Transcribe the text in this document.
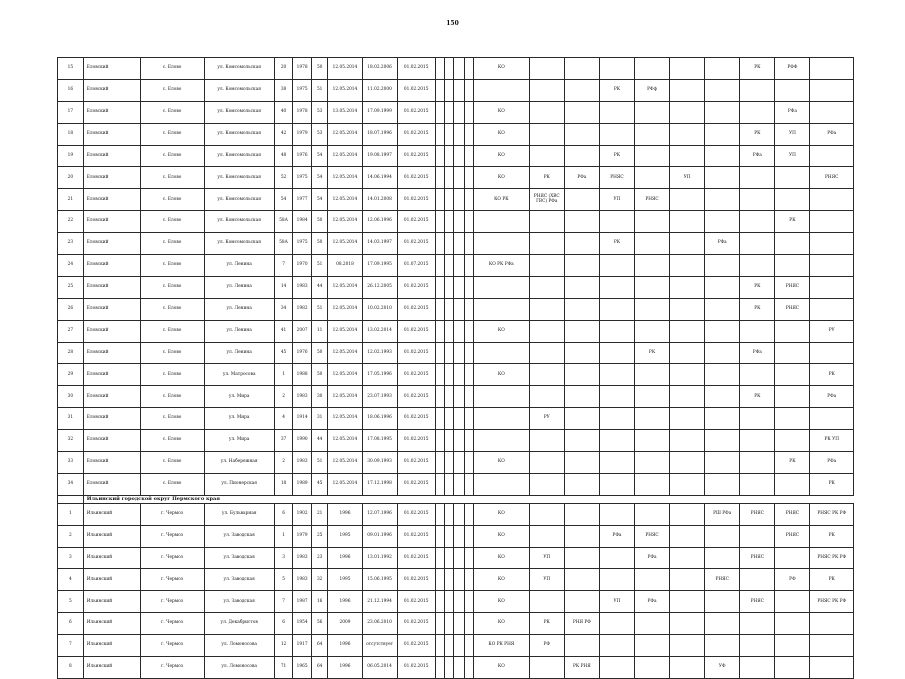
150
15	Еловский	с. Елово	ул. Комсомольская	20	1978	50	12.05.2014	18.02.2006	01.02.2015					КО							РК	РФФ	
16	Еловский	с. Елово	ул. Комсомольская	38	1975	51	12.05.2014	11.02.2000	01.02.2015								РК	РФф					
17	Еловский	с. Елово	ул. Комсомольская	40	1978	53	13.05.2014	17.09.1999	01.02.2015					КО								РФа	
18	Еловский	с. Елово	ул. Комсомольская	42	1979	53	12.05.2014	18.07.1996	01.02.2015					КО							РК	УП	РФа
19	Еловский	с. Елово	ул. Комсомольская	48	1976	54	12.05.2014	19.08.1997	01.02.2015					КО			РК				РФа	УП	
20	Еловский	с. Елово	ул. Комсомольская	52	1975	54	12.05.2014	14.06.1994	01.02.2015					КО	РК	РФа	РНЯС		УП				РНЯС
21	Еловский	с. Елово	ул. Комсомольская	54	1977	54	12.05.2014	14.01.2008	01.02.2015					КО РК	РНЯС (ХВС ГВС) РФа		УП	РНЯС					
22	Еловский	с. Елово	ул. Комсомольская	58А	1984	50	12.05.2014	12.06.1996	01.02.2015													РК	
23	Еловский	с. Елово	ул. Комсомольская	58А	1975	50	12.05.2014	14.03.1997	01.02.2015								РК			РФа			
24	Еловский	с. Елово	ул. Ленина	7	1970	51	08.2018	17.09.1995	01.07.2015					КО РК РФа									
25	Еловский	с. Елово	ул. Ленина	14	1983	44	12.05.2014	26.12.2005	01.02.2015												РК	РНЯС	
26	Еловский	с. Елово	ул. Ленина	34	1982	51	12.05.2014	10.02.2010	01.02.2015												РК	РНЯС	
27	Еловский	с. Елово	ул. Ленина	41	2007	11	12.05.2014	13.02.2014	01.02.2015					КО									РУ
28	Еловский	с. Елово	ул. Ленина	45	1976	50	12.05.2014	12.02.1993	01.02.2015									РК			РФа		
29	Еловский	с. Елово	ул. Матросова	1	1988	50	12.05.2014	17.05.1996	01.02.2015					КО									РК
30	Еловский	с. Елово	ул. Мира	2	1983	30	12.05.2014	23.07.1993	01.02.2015												РК		РФа
31	Еловский	с. Елово	ул. Мира	4	1914	31	12.05.2014	18.06.1996	01.02.2015						РУ								
32	Еловский	с. Елово	ул. Мира	37	1990	44	12.05.2014	17.08.1995	01.02.2015														РК УП
33	Еловский	с. Елово	ул. Набережная	2	1983	51	12.05.2014	30.09.1993	01.02.2015					КО								РК	РФа
34	Еловский	с. Елово	ул. Пионерская	18	1989	45	12.05.2014	17.12.1998	01.02.2015														РК
	Ильинский городской округ Пермского края																						
1	Ильинский	г. Чермоз	ул. Бульварная	6	1902	21	1996	12.07.1996	01.02.2015					КО						РШ РФа	РНЯС	РНЯС	РНЯС РК РФ
2	Ильинский	г. Чермоз	ул. Заводская	1	1979	25	1995	09.01.1996	01.02.2015					КО			РФа	РНЯС				РНЯС	РК
3	Ильинский	г. Чермоз	ул. Заводская	3	1983	23	1996	13.01.1992	01.02.2015					КО	УП			РФа			РНЯС		РНЯС РК РФ
4	Ильинский	г. Чермоз	ул. Заводская	5	1983	32	1995	15.06.1995	01.02.2015					КО	УП					РНЯС		РФ	РК
5	Ильинский	г. Чермоз	ул. Заводская	7	1987	16	1996	21.12.1994	01.02.2015					КО			УП	РФа			РНЯС		РНЯС РК РФ
6	Ильинский	г. Чермоз	ул. Декабристов	6	1954	56	2009	23.06.2010	01.02.2015					КО	РК	РНЯ РФ							
7	Ильинский	г. Чермоз	ул. Ломоносова	12	1917	64	1996	отсутствует	01.02.2015					КО РК РНЯ	РФ								
8	Ильинский	г. Чермоз	ул. Ломоносова	71	1965	64	1996	06.05.2014	01.02.2015					КО		РК РНЯ				УФ			
